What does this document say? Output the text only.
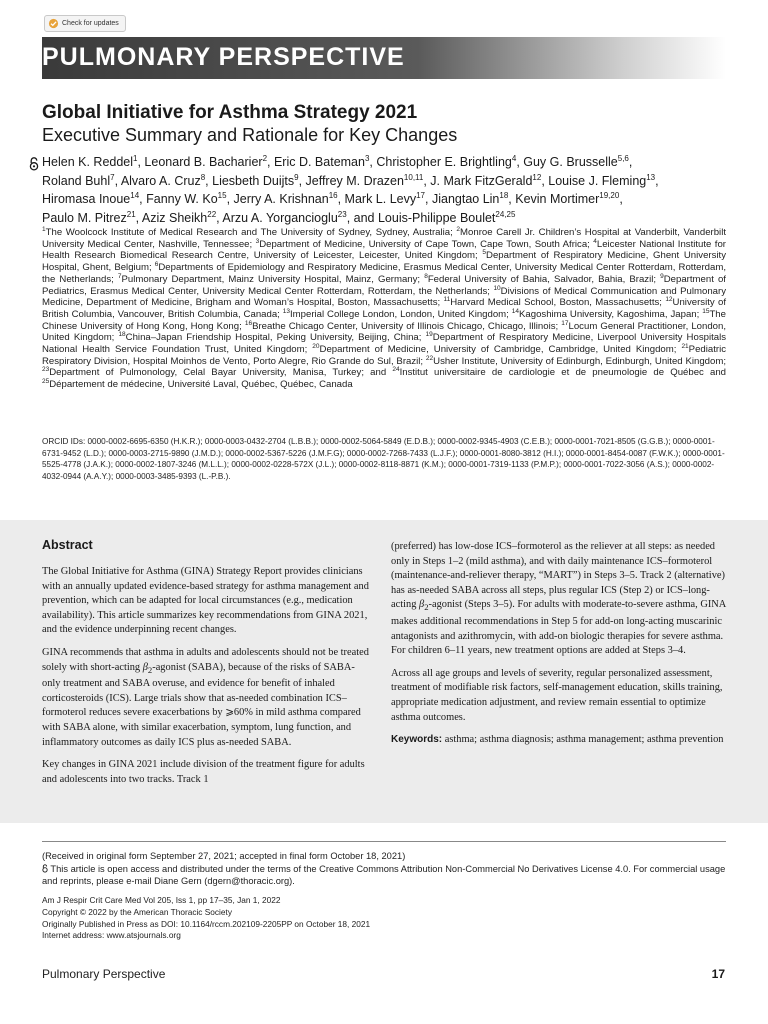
Check for updates
PULMONARY PERSPECTIVE
Global Initiative for Asthma Strategy 2021
Executive Summary and Rationale for Key Changes
Helen K. Reddel$^1$, Leonard B. Bacharier$^2$, Eric D. Bateman$^3$, Christopher E. Brightling$^4$, Guy G. Brusselle$^{5,6}$,
Roland Buhl$^7$, Alvaro A. Cruz$^8$, Liesbeth Duijts$^9$, Jeffrey M. Drazen$^{10,11}$, J. Mark FitzGerald$^{12}$, Louise J. Fleming$^{13}$,
Hiromasa Inoue$^{14}$, Fanny W. Ko$^{15}$, Jerry A. Krishnan$^{16}$, Mark L. Levy$^{17}$, Jiangtao Lin$^{18}$, Kevin Mortimer$^{19,20}$,
Paulo M. Pitrez$^{21}$, Aziz Sheikh$^{22}$, Arzu A. Yorgancioglu$^{23}$, and Louis-Philippe Boulet$^{24,25}$
$^1$The Woolcock Institute of Medical Research and The University of Sydney, Sydney, Australia; $^2$Monroe Carell Jr. Children’s Hospital at Vanderbilt, Vanderbilt University Medical Center, Nashville, Tennessee; $^3$Department of Medicine, University of Cape Town, Cape Town, South Africa; $^4$Leicester National Institute for Health Research Biomedical Research Centre, University of Leicester, Leicester, United Kingdom; $^5$Department of Respiratory Medicine, Ghent University Hospital, Ghent, Belgium; $^6$Departments of Epidemiology and Respiratory Medicine, Erasmus Medical Center, University Medical Center Rotterdam, Rotterdam, the Netherlands; $^7$Pulmonary Department, Mainz University Hospital, Mainz, Germany; $^8$Federal University of Bahia, Salvador, Bahia, Brazil; $^9$Department of Pediatrics, Erasmus Medical Center, University Medical Center Rotterdam, Rotterdam, the Netherlands; $^{10}$Divisions of Medical Communication and Pulmonary Medicine, Department of Medicine, Brigham and Woman’s Hospital, Boston, Massachusetts; $^{11}$Harvard Medical School, Boston, Massachusetts; $^{12}$University of British Columbia, Vancouver, British Columbia, Canada; $^{13}$Imperial College London, London, United Kingdom; $^{14}$Kagoshima University, Kagoshima, Japan; $^{15}$The Chinese University of Hong Kong, Hong Kong; $^{16}$Breathe Chicago Center, University of Illinois Chicago, Chicago, Illinois; $^{17}$Locum General Practitioner, London, United Kingdom; $^{18}$China–Japan Friendship Hospital, Peking University, Beijing, China; $^{19}$Department of Respiratory Medicine, Liverpool University Hospitals National Health Service Foundation Trust, United Kingdom; $^{20}$Department of Medicine, University of Cambridge, Cambridge, United Kingdom; $^{21}$Pediatric Respiratory Division, Hospital Moinhos de Vento, Porto Alegre, Rio Grande do Sul, Brazil; $^{22}$Usher Institute, University of Edinburgh, Edinburgh, United Kingdom; $^{23}$Department of Pulmonology, Celal Bayar University, Manisa, Turkey; and $^{24}$Institut universitaire de cardiologie et de pneumologie de Québec and $^{25}$Département de médecine, Université Laval, Québec, Québec, Canada
ORCID IDs: 0000-0002-6695-6350 (H.K.R.); 0000-0003-0432-2704 (L.B.B.); 0000-0002-5064-5849 (E.D.B.); 0000-0002-9345-4903 (C.E.B.); 0000-0001-7021-8505 (G.G.B.); 0000-0001-6731-9452 (L.D.); 0000-0003-2715-9890 (J.M.D.); 0000-0002-5367-5226 (J.M.F.G); 0000-0002-7268-7433 (L.J.F.); 0000-0001-8080-3812 (H.I.); 0000-0001-8454-0087 (F.W.K.); 0000-0001-5525-4778 (J.A.K.); 0000-0002-1807-3246 (M.L.L.); 0000-0002-0228-572X (J.L.); 0000-0002-8118-8871 (K.M.); 0000-0001-7319-1133 (P.M.P.); 0000-0001-7022-3056 (A.S.); 0000-0002-4032-0944 (A.A.Y.); 0000-0003-3485-9393 (L.-P.B.).
Abstract

The Global Initiative for Asthma (GINA) Strategy Report provides clinicians with an annually updated evidence-based strategy for asthma management and prevention, which can be adapted for local circumstances (e.g., medication availability). This article summarizes key recommendations from GINA 2021, and the evidence underpinning recent changes.

GINA recommends that asthma in adults and adolescents should not be treated solely with short-acting $\beta_2$-agonist (SABA), because of the risks of SABA-only treatment and SABA overuse, and evidence for benefit of inhaled corticosteroids (ICS). Large trials show that as-needed combination ICS–formoterol reduces severe exacerbations by ⩾60% in mild asthma compared with SABA alone, with similar exacerbation, symptom, lung function, and inflammatory outcomes as daily ICS plus as-needed SABA.

Key changes in GINA 2021 include division of the treatment figure for adults and adolescents into two tracks. Track 1

(preferred) has low-dose ICS–formoterol as the reliever at all steps: as needed only in Steps 1–2 (mild asthma), and with daily maintenance ICS–formoterol (maintenance-and-reliever therapy, “MART”) in Steps 3–5. Track 2 (alternative) has as-needed SABA across all steps, plus regular ICS (Step 2) or ICS–long-acting $\beta_2$-agonist (Steps 3–5). For adults with moderate-to-severe asthma, GINA makes additional recommendations in Step 5 for add-on long-acting muscarinic antagonists and azithromycin, with add-on biologic therapies for severe asthma. For children 6–11 years, new treatment options are added at Steps 3–4.

Across all age groups and levels of severity, regular personalized assessment, treatment of modifiable risk factors, self-management education, skills training, appropriate medication adjustment, and review remain essential to optimize asthma outcomes.

Keywords: asthma; asthma diagnosis; asthma management; asthma prevention

(Received in original form September 27, 2021; accepted in final form October 18, 2021)

This article is open access and distributed under the terms of the Creative Commons Attribution Non-Commercial No Derivatives License 4.0. For commercial usage and reprints, please e-mail Diane Gern (dgern@thoracic.org).

Am J Respir Crit Care Med Vol 205, Iss 1, pp 17–35, Jan 1, 2022
Copyright © 2022 by the American Thoracic Society
Originally Published in Press as DOI: 10.1164/rccm.202109-2205PP on October 18, 2021
Internet address: www.atsjournals.org
Pulmonary Perspective	17
